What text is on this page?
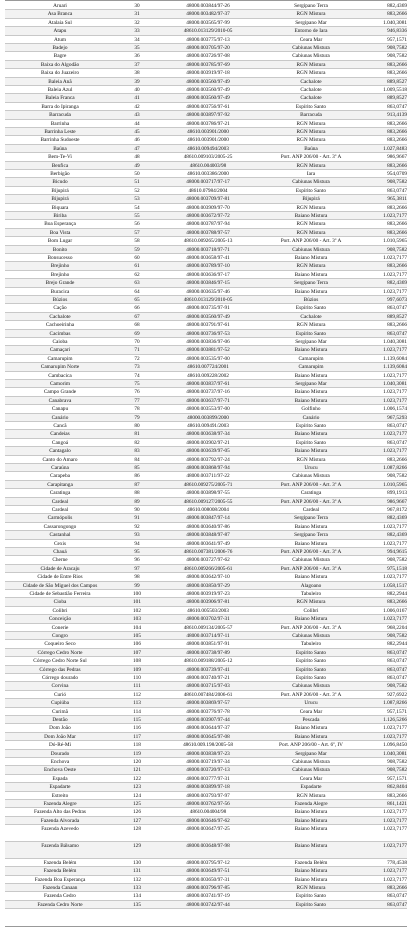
Aruari	30	48000.003844/97-26	Sergipano Terra	882,4369
Asa Branca	31	48000.003482/97-37	RGN Mistura	883,2666
Atalaia Sul	32	48000.003565/97-99	Sergipano Mar	1.040,3081
Atapu	33	48610.013129/2010-05	Entorno de Iara	946,8336
Atum	34	48000.003775/97-13	Ceara Mar	957,1571
Badejo	35	48000.003705/97-20	Cabiunas Mistura	908,7582
Bagre	36	48000.003726/97-08	Cabiunas Mistura	908,7582
Baixa do Algodão	37	48000.003785/97-69	RGN Mistura	883,2666
Baixa do Juazeiro	38	48000.003919/97-18	RGN Mistura	883,2666
Baleia Anã	39	48000.003560/97-49	Cachalote	889,8527
Baleia Azul	40	48000.003560/97-49	Cachalote	1.009,5518
Baleia Franca	41	48000.003560/97-49	Cachalote	889,8527
Barra do Ipiranga	42	48000.003756/97-61	Espírito Santo	863,0747
Barracuda	43	48000.003897/97-92	Barracuda	913,4139
Barrinha	44	48000.003786/97-21	RGN Mistura	883,2666
Barrinha Leste	45	48610.003901/2000	RGN Mistura	883,2666
Barrinha Sudoeste	46	48610.003901/2000	RGN Mistura	883,2666
Baúna	47	48610.009494/2003	Baúna	1.027,8483
Bem-Te-Vi	48	48610.009103/2005-25	Port. ANP 206/00 - Art. 3º A	986,9667
Benfica	49	48610.004003/98	RGN Mistura	883,2666
Berbigão	50	48610.003386/2000	Iara	954,0709
Bicudo	51	48000.003717/97-17	Cabiunas Mistura	908,7582
Bijupirá	52	48610.07984/2004	Espírito Santo	863,0747
Bijupirá	53	48000.003709/97-81	Bijupirá	965,3811
Biquara	54	48000.003909/97-70	RGN Mistura	883,2666
Biriba	55	48000.003672/97-72	Baiano Mistura	1.023,7177
Boa Esperança	56	48000.003787/97-94	RGN Mistura	883,2666
Boa Vista	57	48000.003788/97-57	RGN Mistura	883,2666
Bom Lugar	58	48610.009265/2005-13	Port. ANP 206/00 - Art. 3º A	1.010,5965
Bonito	59	48000.003718/97-71	Cabiunas Mistura	908,7582
Bonsucesso	60	48000.003658/97-41	Baiano Mistura	1.023,7177
Brejinho	61	48000.003789/97-10	RGN Mistura	883,2666
Brejinho	62	48000.003636/97-17	Baiano Mistura	1.023,7177
Brejo Grande	63	48000.003846/97-15	Sergipano Terra	882,4369
Buracica	64	48000.003635/97-46	Baiano Mistura	1.023,7177
Búzios	65	48610.013129/2010-05	Búzios	997,6073
Cação	66	48000.003735/97-91	Espírito Santo	863,0747
Cachalote	67	48000.003560/97-49	Cachalote	889,8527
Cachoeirinha	68	48000.003791/97-61	RGN Mistura	883,2666
Cacimbas	69	48000.003736/97-53	Espírito Santo	863,0747
Caioba	70	48000.003836/97-06	Sergipano Mar	1.040,3081
Camaçari	71	48000.003881/97-52	Baiano Mistura	1.023,7177
Camarupim	72	48000.003535/97-00	Camarupim	1.139,6084
Camarupim Norte	73	48610.007724/2001	Camarupim	1.139,6084
Cambacica	74	48610.009228/2002	Baiano Mistura	1.023,7177
Camorim	75	48000.003837/97-61	Sergipano Mar	1.040,3081
Campo Grande	76	48000.003737/97-16	Baiano Mistura	1.023,7177
Canabrava	77	48000.003637/97-71	Baiano Mistura	1.023,7177
Canapu	78	48000.003553/97-00	Golfinho	1.006,1574
Canário	79	48000.003899/2000	Canário	967,5293
Cancã	80	48610.009491/2003	Espírito Santo	863,0747
Candeias	81	48000.003638/97-34	Baiano Mistura	1.023,7177
Cangoá	82	48000.003902/97-21	Espírito Santo	863,0747
Cantagalo	83	48000.003639/97-05	Baiano Mistura	1.023,7177
Canto do Amaro	84	48000.003792/97-24	RGN Mistura	883,2666
Caraúna	85	48000.003868/97-94	Urucu	1.087,8266
Carapeba	86	48000.003711/97-22	Cabiunas Mistura	908,7582
Carapitanga	87	48610.009275/2005-71	Port. ANP 206/00 - Art. 3º A	1.010,5965
Caratinga	88	48000.003898/97-55	Caratinga	899,1913
Cardeal	89	48610.009127/2005-55	Port. ANP 206/00 - Art. 3º A	986,9667
Cardeal	90	48610.008008/2004	Cardeal	967,8172
Carmópolis	91	48000.003847/97-14	Sergipano Terra	882,4369
Cassarongongo	92	48000.003640/97-86	Baiano Mistura	1.023,7177
Castanhal	93	48000.003848/97-87	Sergipano Terra	882,4369
Cexis	94	48000.003641/97-49	Baiano Mistura	1.023,7177
Chauá	95	48610.007381/2006-76	Port. ANP 206/00 - Art. 3º A	994,9615
Cherne	96	48000.003727/97-62	Cabiunas Mistura	908,7582
Cidade de Aracaju	97	48610.009266/2005-61	Port. ANP 206/00 - Art. 3º A	975,1518
Cidade de Entre Rios	98	48000.003642/97-10	Baiano Mistura	1.023,7177
Cidade de São Miguel dos Campos	99	48000.003850/97-29	Alagoano	1.058,1517
Cidade de Sebastião Ferreira	100	48000.003919/97-23	Tabuleiro	882,2944
Cioba	101	48000.003906/97-81	RGN Mistura	883,2666
Colibri	102	48610.005503/2003	Colibri	1.006,0167
Conceição	103	48000.003702/97-31	Baiano Mistura	1.023,7177
Conerie	104	48610.009134/2005-57	Port. ANP 206/00 - Art. 3º A	968,2204
Congro	105	48000.003714/97-11	Cabiunas Mistura	908,7582
Coqueiro Seco	106	48000.003851/97-91	Tabuleiro	882,2944
Córrego Cedro Norte	107	48000.003738/97-89	Espírito Santo	863,0747
Córrego Cedro Norte Sul	108	48610.009188/2005-12	Espírito Santo	863,0747
Córrego das Pedras	109	48000.003739/97-41	Espírito Santo	863,0747
Córrego dourado	110	48000.003740/97-21	Espírito Santo	863,0747
Corvina	111	48000.003715/97-03	Cabiunas Mistura	908,7582
Curió	112	48610.007484/2006-61	Port. ANP 206/00 - Art. 3º A	927,6922
Cupiúba	113	48000.003869/97-57	Urucu	1.087,8266
Curimã	114	48000.003776/97-78	Ceara Mar	957,1571
Dentão	115	48000.003907/97-44	Pescada	1.126,5266
Dom João	116	48000.003644/97-37	Baiano Mistura	1.023,7177
Dom João Mar	117	48000.003645/97-08	Baiano Mistura	1.023,7177
Dó-Ré-Mi	118	48610.009.198/2005-58	Port. ANP 206/00 - Art. 6º, IV	1.096,8450
Dourado	119	48000.003838/97-23	Sergipano Mar	1.040,3081
Enchova	120	48000.003719/97-34	Cabiunas Mistura	908,7582
Enchova Oeste	121	48000.003720/97-13	Cabiunas Mistura	908,7582
Espada	122	48000.003777/97-31	Ceara Mar	957,1571
Espadarte	123	48000.003899/97-18	Espadarte	862,8404
Estreito	124	48000.003793/97-97	RGN Mistura	883,2666
Fazenda Alegre	125	48000.003762/97-56	Fazenda Alegre	861,1421
Fazenda Alto das Pedras	126	48610.004004/98	Baiano Mistura	1.023,7177
Fazenda Alvorada	127	48000.003646/97-62	Baiano Mistura	1.023,7177
Fazenda Azevedo	128	48000.003647/97-25	Baiano Mistura	1.023,7177
Fazenda Bálsamo	129	48000.003648/97-98	Baiano Mistura	1.023,7177
Fazenda Belém	130	48000.003795/97-12	Fazenda Belém	778,4538
Fazenda Belém	131	48000.003649/97-51	Baiano Mistura	1.023,7177
Fazenda Boa Esperança	132	48000.003650/97-31	Baiano Mistura	1.023,7177
Fazenda Canaan	133	48000.003796/97-85	RGN Mistura	883,2666
Fazenda Cedro	134	48000.003741/97-19	Espírito Santo	863,0747
Fazenda Cedro Norte	135	48000.003742/97-44	Espírito Santo	863,0747
